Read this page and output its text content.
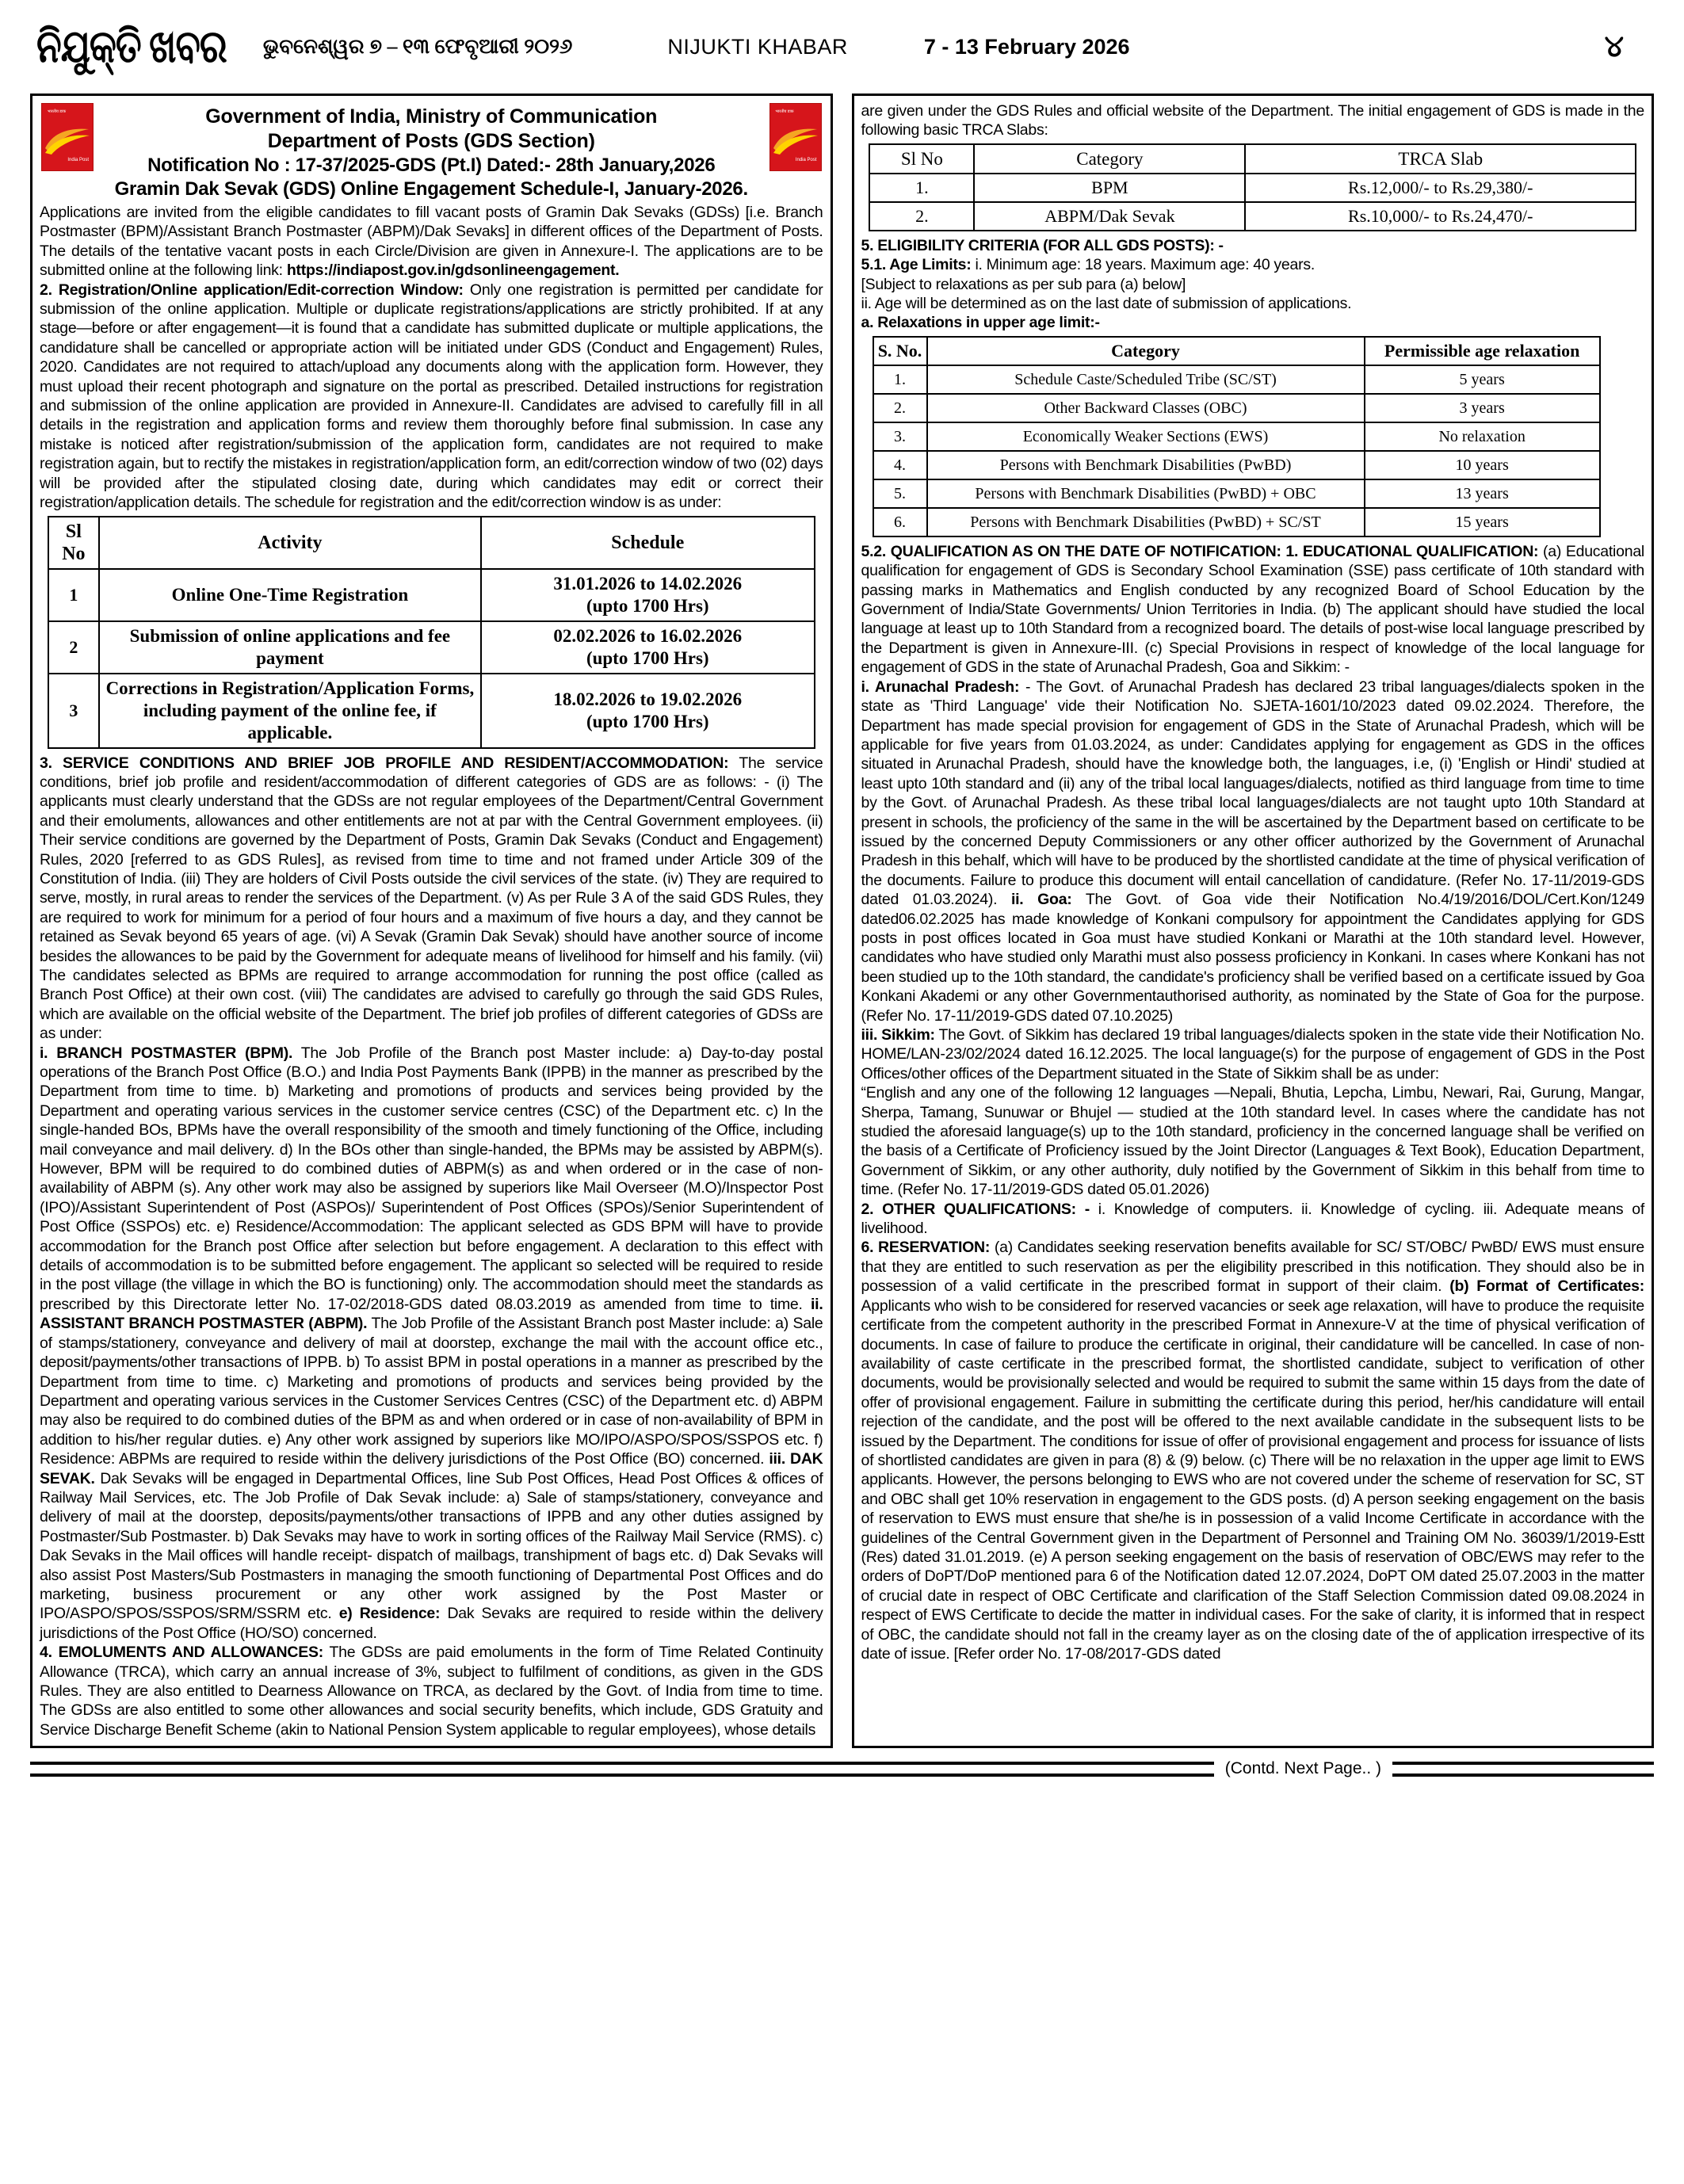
ନିଯୁକ୍ତି ଖବର ଭୁବନେଶ୍ୱର ୭ – ୧୩ ଫେବୃଆରୀ ୨୦୨୬	NIJUKTI KHABAR	7 - 13 February 2026	୪
भारतीय डाक
India Post
भारतीय डाक
India Post
Government of India, Ministry of Communication
Department of Posts (GDS Section)
Notification No : 17-37/2025-GDS (Pt.I) Dated:- 28th January,2026
Gramin Dak Sevak (GDS) Online Engagement Schedule-I, January-2026.

Applications are invited from the eligible candidates to fill vacant posts of Gramin Dak Sevaks (GDSs) [i.e. Branch Postmaster (BPM)/Assistant Branch Postmaster (ABPM)/Dak Sevaks] in different offices of the Department of Posts. The details of the tentative vacant posts in each Circle/Division are given in Annexure-I. The applications are to be submitted online at the following link: https://indiapost.gov.in/gdsonlineengagement.

2. Registration/Online application/Edit-correction Window: Only one registration is permitted per candidate for submission of the online application. Multiple or duplicate registrations/applications are strictly prohibited. If at any stage—before or after engagement—it is found that a candidate has submitted duplicate or multiple applications, the candidature shall be cancelled or appropriate action will be initiated under GDS (Conduct and Engagement) Rules, 2020. Candidates are not required to attach/upload any documents along with the application form. However, they must upload their recent photograph and signature on the portal as prescribed. Detailed instructions for registration and submission of the online application are provided in Annexure-II. Candidates are advised to carefully fill in all details in the registration and application forms and review them thoroughly before final submission. In case any mistake is noticed after registration/submission of the application form, candidates are not required to make registration again, but to rectify the mistakes in registration/application form, an edit/correction window of two (02) days will be provided after the stipulated closing date, during which candidates may edit or correct their registration/application details. The schedule for registration and the edit/correction window is as under:

Sl No	Activity	Schedule
1	Online One-Time Registration	31.01.2026 to 14.02.2026
(upto 1700 Hrs)

2	Submission of online applications and fee payment	02.02.2026 to 16.02.2026
(upto 1700 Hrs)

3	Corrections in Registration/Application Forms, including payment of the online fee, if applicable.	18.02.2026 to 19.02.2026
(upto 1700 Hrs)

3. SERVICE CONDITIONS AND BRIEF JOB PROFILE AND RESIDENT/ACCOMMODATION: The service conditions, brief job profile and resident/accommodation of different categories of GDS are as follows: - (i) The applicants must clearly understand that the GDSs are not regular employees of the Department/Central Government and their emoluments, allowances and other entitlements are not at par with the Central Government employees. (ii) Their service conditions are governed by the Department of Posts, Gramin Dak Sevaks (Conduct and Engagement) Rules, 2020 [referred to as GDS Rules], as revised from time to time and not framed under Article 309 of the Constitution of India. (iii) They are holders of Civil Posts outside the civil services of the state. (iv) They are required to serve, mostly, in rural areas to render the services of the Department. (v) As per Rule 3 A of the said GDS Rules, they are required to work for minimum for a period of four hours and a maximum of five hours a day, and they cannot be retained as Sevak beyond 65 years of age. (vi) A Sevak (Gramin Dak Sevak) should have another source of income besides the allowances to be paid by the Government for adequate means of livelihood for himself and his family. (vii) The candidates selected as BPMs are required to arrange accommodation for running the post office (called as Branch Post Office) at their own cost. (viii) The candidates are advised to carefully go through the said GDS Rules, which are available on the official website of the Department. The brief job profiles of different categories of GDSs are as under:

i. BRANCH POSTMASTER (BPM). The Job Profile of the Branch post Master include: a) Day-to-day postal operations of the Branch Post Office (B.O.) and India Post Payments Bank (IPPB) in the manner as prescribed by the Department from time to time. b) Marketing and promotions of products and services being provided by the Department and operating various services in the customer service centres (CSC) of the Department etc. c) In the single-handed BOs, BPMs have the overall responsibility of the smooth and timely functioning of the Office, including mail conveyance and mail delivery. d) In the BOs other than single-handed, the BPMs may be assisted by ABPM(s). However, BPM will be required to do combined duties of ABPM(s) as and when ordered or in the case of non-availability of ABPM (s). Any other work may also be assigned by superiors like Mail Overseer (M.O)/Inspector Post (IPO)/Assistant Superintendent of Post (ASPOs)/ Superintendent of Post Offices (SPOs)/Senior Superintendent of Post Office (SSPOs) etc. e) Residence/Accommodation: The applicant selected as GDS BPM will have to provide accommodation for the Branch post Office after selection but before engagement. A declaration to this effect with details of accommodation is to be submitted before engagement. The applicant so selected will be required to reside in the post village (the village in which the BO is functioning) only. The accommodation should meet the standards as prescribed by this Directorate letter No. 17-02/2018-GDS dated 08.03.2019 as amended from time to time. ii. ASSISTANT BRANCH POSTMASTER (ABPM). The Job Profile of the Assistant Branch post Master include: a) Sale of stamps/stationery, conveyance and delivery of mail at doorstep, exchange the mail with the account office etc., deposit/payments/other transactions of IPPB. b) To assist BPM in postal operations in a manner as prescribed by the Department from time to time. c) Marketing and promotions of products and services being provided by the Department and operating various services in the Customer Services Centres (CSC) of the Department etc. d) ABPM may also be required to do combined duties of the BPM as and when ordered or in case of non-availability of BPM in addition to his/her regular duties. e) Any other work assigned by superiors like MO/IPO/ASPO/SPOS/SSPOS etc. f) Residence: ABPMs are required to reside within the delivery jurisdictions of the Post Office (BO) concerned. iii. DAK SEVAK. Dak Sevaks will be engaged in Departmental Offices, line Sub Post Offices, Head Post Offices & offices of Railway Mail Services, etc. The Job Profile of Dak Sevak include: a) Sale of stamps/stationery, conveyance and delivery of mail at the doorstep, deposits/payments/other transactions of IPPB and any other duties assigned by Postmaster/Sub Postmaster. b) Dak Sevaks may have to work in sorting offices of the Railway Mail Service (RMS). c) Dak Sevaks in the Mail offices will handle receipt- dispatch of mailbags, transhipment of bags etc. d) Dak Sevaks will also assist Post Masters/Sub Postmasters in managing the smooth functioning of Departmental Post Offices and do marketing, business procurement or any other work assigned by the Post Master or IPO/ASPO/SPOS/SSPOS/SRM/SSRM etc. e) Residence: Dak Sevaks are required to reside within the delivery jurisdictions of the Post Office (HO/SO) concerned.

4. EMOLUMENTS AND ALLOWANCES: The GDSs are paid emoluments in the form of Time Related Continuity Allowance (TRCA), which carry an annual increase of 3%, subject to fulfilment of conditions, as given in the GDS Rules. They are also entitled to Dearness Allowance on TRCA, as declared by the Govt. of India from time to time. The GDSs are also entitled to some other allowances and social security benefits, which include, GDS Gratuity and Service Discharge Benefit Scheme (akin to National Pension System applicable to regular employees), whose details

are given under the GDS Rules and official website of the Department. The initial engagement of GDS is made in the following basic TRCA Slabs:

Sl No	Category	TRCA Slab
1.	BPM	Rs.12,000/- to Rs.29,380/-
2.	ABPM/Dak Sevak	Rs.10,000/- to Rs.24,470/-

5. ELIGIBILITY CRITERIA (FOR ALL GDS POSTS): -

5.1. Age Limits: i. Minimum age: 18 years. Maximum age: 40 years.

[Subject to relaxations as per sub para (a) below]

ii. Age will be determined as on the last date of submission of applications.

a. Relaxations in upper age limit:-

S. No.	Category	Permissible age relaxation
1.	Schedule Caste/Scheduled Tribe (SC/ST)	5 years
2.	Other Backward Classes (OBC)	3 years
3.	Economically Weaker Sections (EWS)	No relaxation
4.	Persons with Benchmark Disabilities (PwBD)	10 years
5.	Persons with Benchmark Disabilities (PwBD) + OBC	13 years
6.	Persons with Benchmark Disabilities (PwBD) + SC/ST	15 years

5.2. QUALIFICATION AS ON THE DATE OF NOTIFICATION: 1. EDUCATIONAL QUALIFICATION: (a) Educational qualification for engagement of GDS is Secondary School Examination (SSE) pass certificate of 10th standard with passing marks in Mathematics and English conducted by any recognized Board of School Education by the Government of India/State Governments/ Union Territories in India. (b) The applicant should have studied the local language at least up to 10th Standard from a recognized board. The details of post-wise local language prescribed by the Department is given in Annexure-III. (c) Special Provisions in respect of knowledge of the local language for engagement of GDS in the state of Arunachal Pradesh, Goa and Sikkim: -

i. Arunachal Pradesh: - The Govt. of Arunachal Pradesh has declared 23 tribal languages/dialects spoken in the state as 'Third Language' vide their Notification No. SJETA-1601/10/2023 dated 09.02.2024. Therefore, the Department has made special provision for engagement of GDS in the State of Arunachal Pradesh, which will be applicable for five years from 01.03.2024, as under: Candidates applying for engagement as GDS in the offices situated in Arunachal Pradesh, should have the knowledge both, the languages, i.e, (i) 'English or Hindi' studied at least upto 10th standard and (ii) any of the tribal local languages/dialects, notified as third language from time to time by the Govt. of Arunachal Pradesh. As these tribal local languages/dialects are not taught upto 10th Standard at present in schools, the proficiency of the same in the will be ascertained by the Department based on certificate to be issued by the concerned Deputy Commissioners or any other officer authorized by the Government of Arunachal Pradesh in this behalf, which will have to be produced by the shortlisted candidate at the time of physical verification of the documents. Failure to produce this document will entail cancellation of candidature. (Refer No. 17-11/2019-GDS dated 01.03.2024). ii. Goa: The Govt. of Goa vide their Notification No.4/19/2016/DOL/Cert.Kon/1249 dated06.02.2025 has made knowledge of Konkani compulsory for appointment the Candidates applying for GDS posts in post offices located in Goa must have studied Konkani or Marathi at the 10th standard level. However, candidates who have studied only Marathi must also possess proficiency in Konkani. In cases where Konkani has not been studied up to the 10th standard, the candidate's proficiency shall be verified based on a certificate issued by Goa Konkani Akademi or any other Governmentauthorised authority, as nominated by the State of Goa for the purpose. (Refer No. 17-11/2019-GDS dated 07.10.2025)

iii. Sikkim: The Govt. of Sikkim has declared 19 tribal languages/dialects spoken in the state vide their Notification No. HOME/LAN-23/02/2024 dated 16.12.2025. The local language(s) for the purpose of engagement of GDS in the Post Offices/other offices of the Department situated in the State of Sikkim shall be as under:

“English and any one of the following 12 languages —Nepali, Bhutia, Lepcha, Limbu, Newari, Rai, Gurung, Mangar, Sherpa, Tamang, Sunuwar or Bhujel — studied at the 10th standard level. In cases where the candidate has not studied the aforesaid language(s) up to the 10th standard, proficiency in the concerned language shall be verified on the basis of a Certificate of Proficiency issued by the Joint Director (Languages & Text Book), Education Department, Government of Sikkim, or any other authority, duly notified by the Government of Sikkim in this behalf from time to time. (Refer No. 17-11/2019-GDS dated 05.01.2026)

2. OTHER QUALIFICATIONS: - i. Knowledge of computers. ii. Knowledge of cycling. iii. Adequate means of livelihood.

6. RESERVATION: (a) Candidates seeking reservation benefits available for SC/ ST/OBC/ PwBD/ EWS must ensure that they are entitled to such reservation as per the eligibility prescribed in this notification. They should also be in possession of a valid certificate in the prescribed format in support of their claim. (b) Format of Certificates: Applicants who wish to be considered for reserved vacancies or seek age relaxation, will have to produce the requisite certificate from the competent authority in the prescribed Format in Annexure-V at the time of physical verification of documents. In case of failure to produce the certificate in original, their candidature will be cancelled. In case of non-availability of caste certificate in the prescribed format, the shortlisted candidate, subject to verification of other documents, would be provisionally selected and would be required to submit the same within 15 days from the date of offer of provisional engagement. Failure in submitting the certificate during this period, her/his candidature will entail rejection of the candidate, and the post will be offered to the next available candidate in the subsequent lists to be issued by the Department. The conditions for issue of offer of provisional engagement and process for issuance of lists of shortlisted candidates are given in para (8) & (9) below. (c) There will be no relaxation in the upper age limit to EWS applicants. However, the persons belonging to EWS who are not covered under the scheme of reservation for SC, ST and OBC shall get 10% reservation in engagement to the GDS posts. (d) A person seeking engagement on the basis of reservation to EWS must ensure that she/he is in possession of a valid Income Certificate in accordance with the guidelines of the Central Government given in the Department of Personnel and Training OM No. 36039/1/2019-Estt (Res) dated 31.01.2019. (e) A person seeking engagement on the basis of reservation of OBC/EWS may refer to the orders of DoPT/DoP mentioned para 6 of the Notification dated 12.07.2024, DoPT OM dated 25.07.2003 in the matter of crucial date in respect of OBC Certificate and clarification of the Staff Selection Commission dated 09.08.2024 in respect of EWS Certificate to decide the matter in individual cases. For the sake of clarity, it is informed that in respect of OBC, the candidate should not fall in the creamy layer as on the closing date of the of application irrespective of its date of issue. [Refer order No. 17-08/2017-GDS dated

(Contd. Next Page.. )
